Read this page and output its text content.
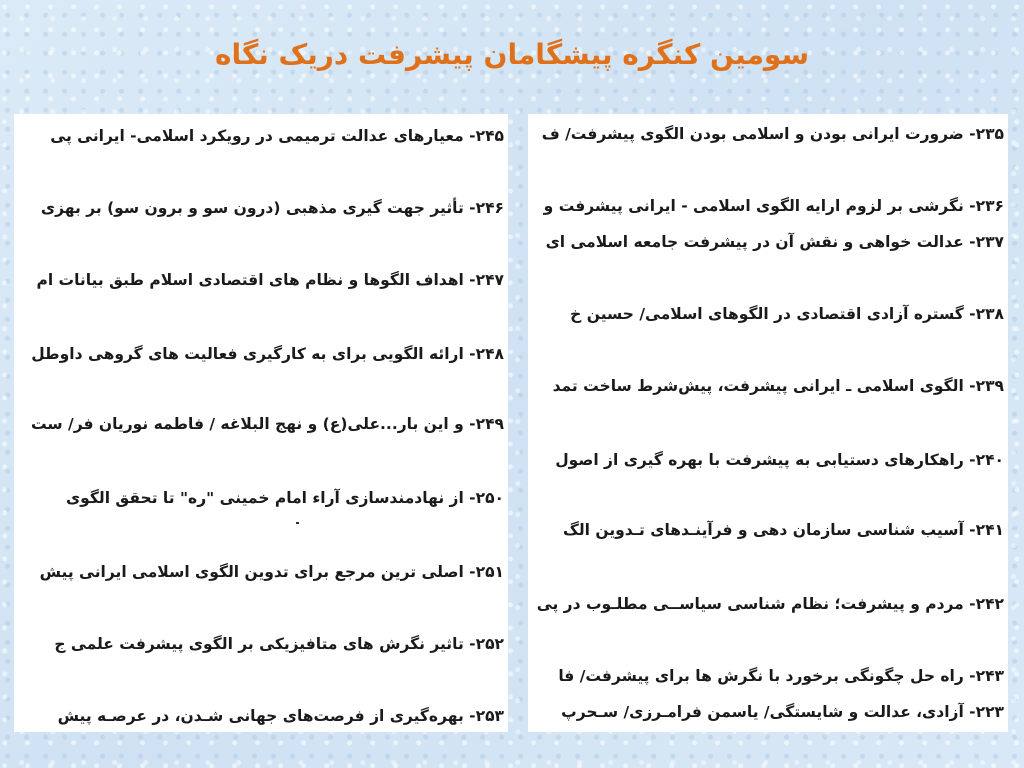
سومین کنگره پیشگامان پیشرفت دریک نگاه
۲۳۵- ضرورت ایرانی بودن و اسلامی بودن الگوی پیشرفت/ ف
۲۳۶- نگرشی بر لزوم ارایه الگوی اسلامی - ایرانی پیشرفت و
۲۳۷- عدالت خواهی و نقش آن در پیشرفت جامعه اسلامی ای
۲۳۸- گستره آزادی اقتصادی در الگوهای اسلامی/ حسین خ
۲۳۹- الگوی اسلامی ـ ایرانی پیشرفت، پیش‌شرط ساخت تمد
۲۴۰- راهکارهای دستیابی به پیشرفت با بهره گیری از اصول
۲۴۱- آسیب شناسی سازمان دهی و فرآینـدهای تـدوین الگ
۲۴۲- مردم و پیشرفت؛ نظام شناسی سیاســی مطلـوب در پی
۲۴۳- راه حل چگونگی برخورد با نگرش ها برای پیشرفت/ فا
۲۲۳- آزادی، عدالت و شایستگی/ یاسمن فرامـرزی/ سـحرپ
۲۴۵- معیارهای عدالت ترمیمی در رویکرد اسلامی- ایرانی پی
۲۴۶- تأثیر جهت گیری مذهبی (درون سو و برون سو) بر بهزی
۲۴۷- اهداف الگوها و نظام های اقتصادی اسلام طبق بیانات ام
۲۴۸- ارائه الگویی برای به کارگیری فعالیت های گروهی داوطل
۲۴۹- و این بار...علی(ع) و نهج البلاغه / فاطمه نوریان فر/ ست
۲۵۰- از نهادمندسازی آراء امام خمینی "ره" تا تحقق الگوی
۲۵۱- اصلی ترین مرجع برای تدوین الگوی اسلامی ایرانی پیش
۲۵۲- تاثیر نگرش های متافیزیکی بر الگوی پیشرفت علمی ج
۲۵۳- بهره‌گیری از فرصت‌های جهانی شـدن، در عرصـه پیش
